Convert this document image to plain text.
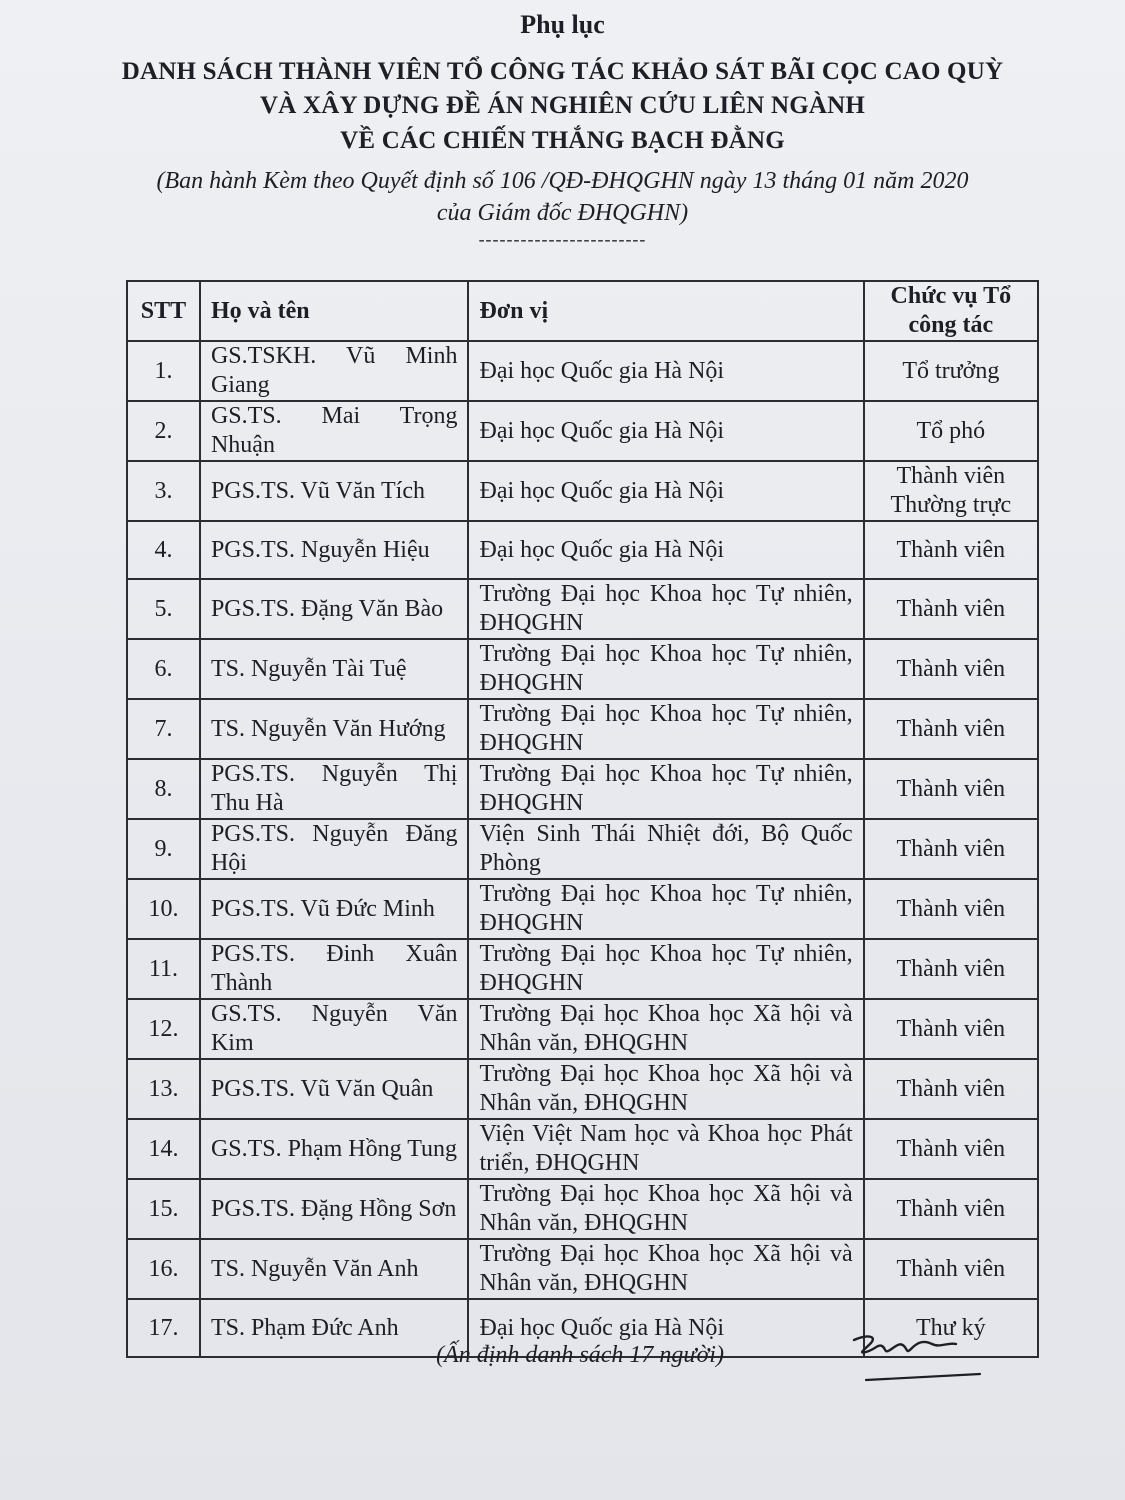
Phụ lục
DANH SÁCH THÀNH VIÊN TỔ CÔNG TÁC KHẢO SÁT BÃI CỌC CAO QUỲ
VÀ XÂY DỰNG ĐỀ ÁN NGHIÊN CỨU LIÊN NGÀNH
VỀ CÁC CHIẾN THẮNG BẠCH ĐẰNG
(Ban hành Kèm theo Quyết định số 106 /QĐ-ĐHQGHN ngày 13 tháng 01 năm 2020
của Giám đốc ĐHQGHN)
------------------------
STT	Họ và tên	Đơn vị	Chức vụ Tổ công tác
1.	GS.TSKH. Vũ Minh Giang	Đại học Quốc gia Hà Nội	Tổ trưởng
2.	GS.TS. Mai Trọng Nhuận	Đại học Quốc gia Hà Nội	Tổ phó
3.	PGS.TS. Vũ Văn Tích	Đại học Quốc gia Hà Nội	Thành viên Thường trực
4.	PGS.TS. Nguyễn Hiệu	Đại học Quốc gia Hà Nội	Thành viên
5.	PGS.TS. Đặng Văn Bào	Trường Đại học Khoa học Tự nhiên, ĐHQGHN	Thành viên
6.	TS. Nguyễn Tài Tuệ	Trường Đại học Khoa học Tự nhiên, ĐHQGHN	Thành viên
7.	TS. Nguyễn Văn Hướng	Trường Đại học Khoa học Tự nhiên, ĐHQGHN	Thành viên
8.	PGS.TS. Nguyễn Thị Thu Hà	Trường Đại học Khoa học Tự nhiên, ĐHQGHN	Thành viên
9.	PGS.TS. Nguyễn Đăng Hội	Viện Sinh Thái Nhiệt đới, Bộ Quốc Phòng	Thành viên
10.	PGS.TS. Vũ Đức Minh	Trường Đại học Khoa học Tự nhiên, ĐHQGHN	Thành viên
11.	PGS.TS. Đinh Xuân Thành	Trường Đại học Khoa học Tự nhiên, ĐHQGHN	Thành viên
12.	GS.TS. Nguyễn Văn Kim	Trường Đại học Khoa học Xã hội và Nhân văn, ĐHQGHN	Thành viên
13.	PGS.TS. Vũ Văn Quân	Trường Đại học Khoa học Xã hội và Nhân văn, ĐHQGHN	Thành viên
14.	GS.TS. Phạm Hồng Tung	Viện Việt Nam học và Khoa học Phát triển, ĐHQGHN	Thành viên
15.	PGS.TS. Đặng Hồng Sơn	Trường Đại học Khoa học Xã hội và Nhân văn, ĐHQGHN	Thành viên
16.	TS. Nguyễn Văn Anh	Trường Đại học Khoa học Xã hội và Nhân văn, ĐHQGHN	Thành viên
17.	TS. Phạm Đức Anh	Đại học Quốc gia Hà Nội	Thư ký
(Ấn định danh sách 17 người)
